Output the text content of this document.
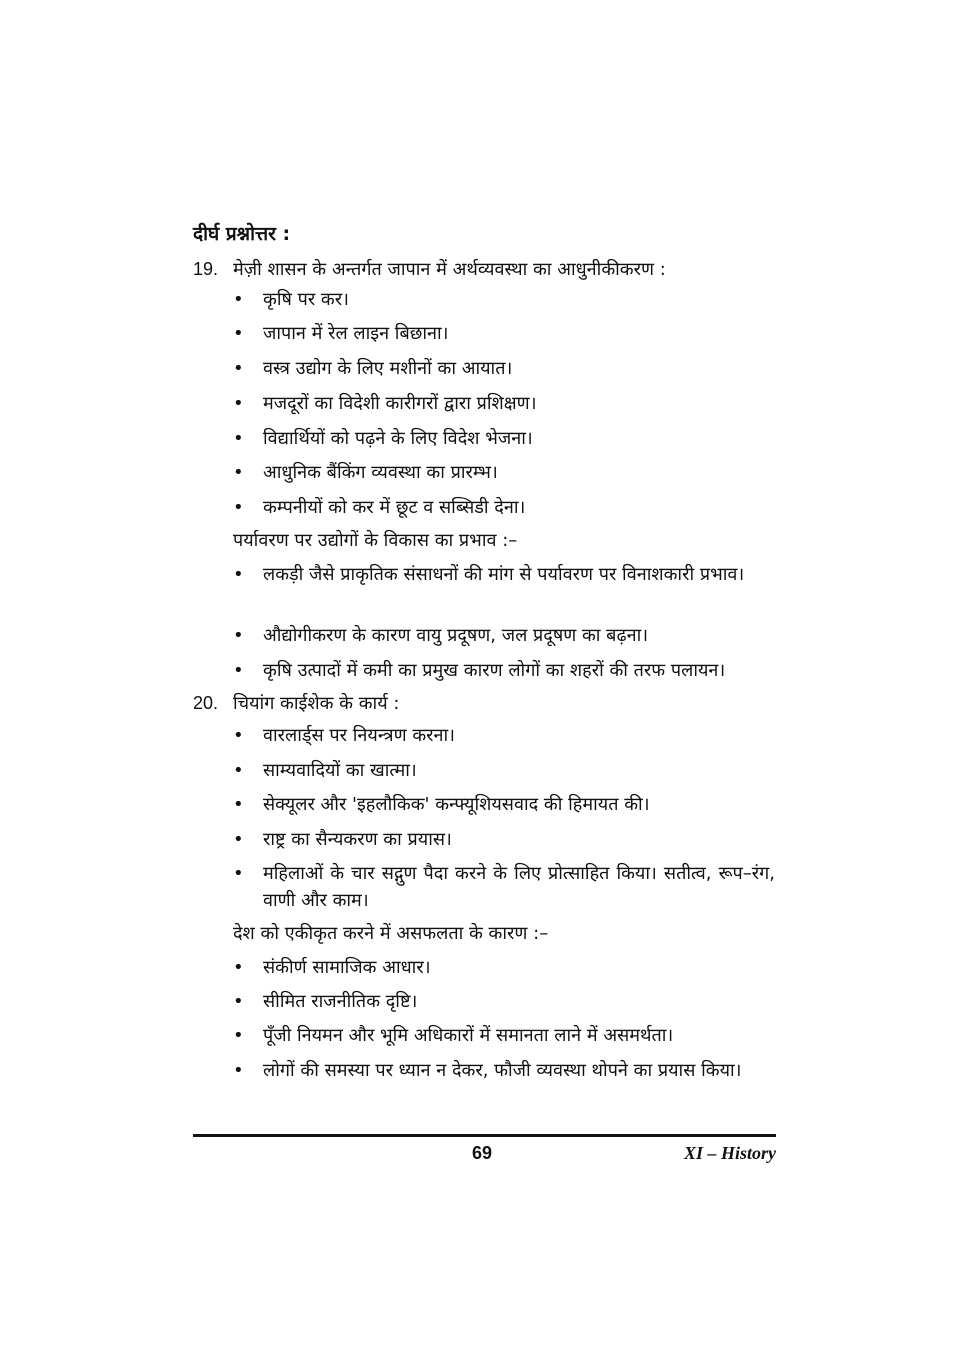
दीर्घ प्रश्नोत्तर :
19. मेज़ी शासन के अन्तर्गत जापान में अर्थव्यवस्था का आधुनीकीकरण :
• कृषि पर कर।
• जापान में रेल लाइन बिछाना।
• वस्त्र उद्योग के लिए मशीनों का आयात।
• मजदूरों का विदेशी कारीगरों द्वारा प्रशिक्षण।
• विद्यार्थियों को पढ़ने के लिए विदेश भेजना।
• आधुनिक बैंकिंग व्यवस्था का प्रारम्भ।
• कम्पनीयों को कर में छूट व सब्सिडी देना।
पर्यावरण पर उद्योगों के विकास का प्रभाव :–
• लकड़ी जैसे प्राकृतिक संसाधनों की मांग से पर्यावरण पर विनाशकारी प्रभाव।
• औद्योगीकरण के कारण वायु प्रदूषण, जल प्रदूषण का बढ़ना।
• कृषि उत्पादों में कमी का प्रमुख कारण लोगों का शहरों की तरफ पलायन।
20. चियांग काईशेक के कार्य :
• वारलार्ड्स पर नियन्त्रण करना।
• साम्यवादियों का खात्मा।
• सेक्यूलर और 'इहलौकिक' कन्फ्यूशियसवाद की हिमायत की।
• राष्ट्र का सैन्यकरण का प्रयास।
• महिलाओं के चार सद्गुण पैदा करने के लिए प्रोत्साहित किया। सतीत्व, रूप–रंग, वाणी और काम।
देश को एकीकृत करने में असफलता के कारण :–
• संकीर्ण सामाजिक आधार।
• सीमित राजनीतिक दृष्टि।
• पूँजी नियमन और भूमि अधिकारों में समानता लाने में असमर्थता।
• लोगों की समस्या पर ध्यान न देकर, फौजी व्यवस्था थोपने का प्रयास किया।
69	XI – History
